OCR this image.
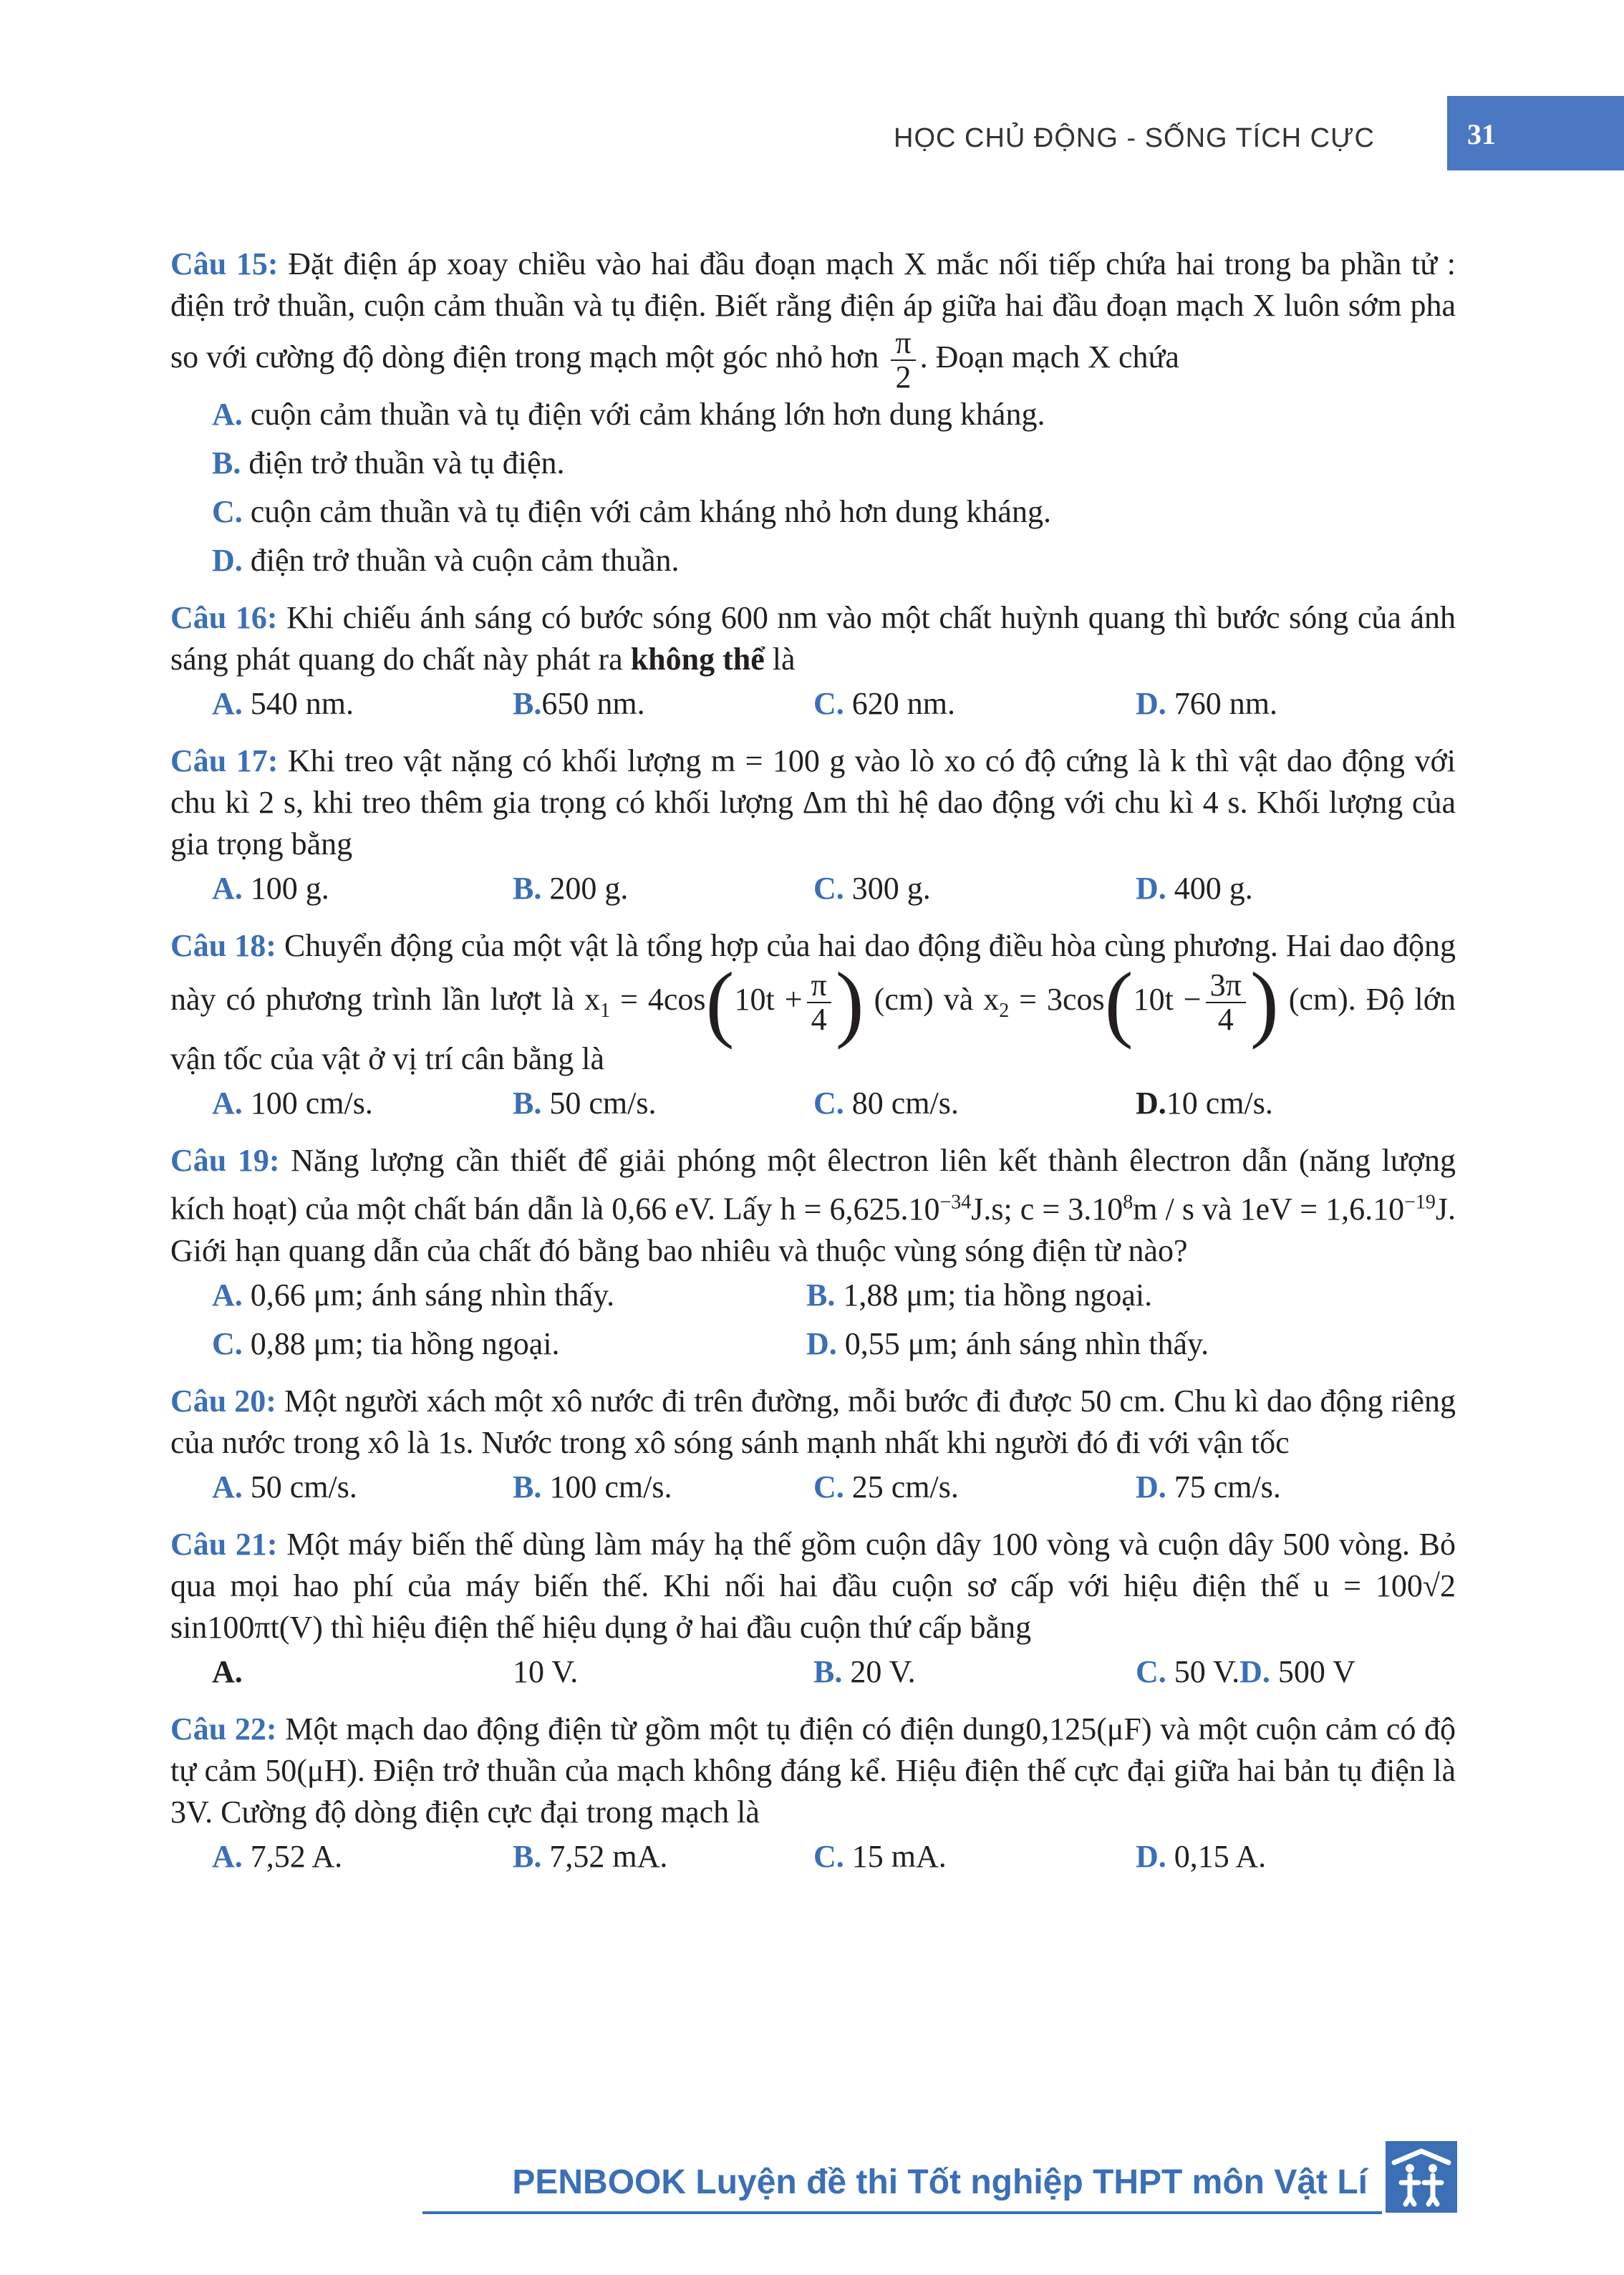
HỌC CHỦ ĐỘNG - SỐNG TÍCH CỰC	31
Câu 15: Đặt điện áp xoay chiều vào hai đầu đoạn mạch X mắc nối tiếp chứa hai trong ba phần tử : điện trở thuần, cuộn cảm thuần và tụ điện. Biết rằng điện áp giữa hai đầu đoạn mạch X luôn sớm pha so với cường độ dòng điện trong mạch một góc nhỏ hơn $\frac{\pi}{2}$ . Đoạn mạch X chứa
A. cuộn cảm thuần và tụ điện với cảm kháng lớn hơn dung kháng.
B. điện trở thuần và tụ điện.
C. cuộn cảm thuần và tụ điện với cảm kháng nhỏ hơn dung kháng.
D. điện trở thuần và cuộn cảm thuần.
Câu 16: Khi chiếu ánh sáng có bước sóng 600 nm vào một chất huỳnh quang thì bước sóng của ánh sáng phát quang do chất này phát ra không thể là
A. 540 nm.	B.650 nm.	C. 620 nm.	D. 760 nm.
Câu 17: Khi treo vật nặng có khối lượng m = 100 g vào lò xo có độ cứng là k thì vật dao động với chu kì 2 s, khi treo thêm gia trọng có khối lượng Δm thì hệ dao động với chu kì 4 s. Khối lượng của gia trọng bằng
A. 100 g.	B. 200 g.	C. 300 g.	D. 400 g.
Câu 18: Chuyển động của một vật là tổng hợp của hai dao động điều hòa cùng phương. Hai dao động này có phương trình lần lượt là $x_1 = 4\cos(10t + \frac{\pi}{4}$ ) (cm) và $x_2 = 3\cos(10t - \frac{3\pi}{4}$ ) (cm). Độ lớn vận tốc của vật ở vị trí cân bằng là
A. 100 cm/s.	B. 50 cm/s.	C. 80 cm/s.	D.10 cm/s.
Câu 19: Năng lượng cần thiết để giải phóng một êlectron liên kết thành êlectron dẫn (năng lượng kích hoạt) của một chất bán dẫn là 0,66 eV. Lấy $h = 6,625.10^{-34}J.s$; $c = 3.10^8m / s$ và $1eV = 1,6.10^{-19}J$. Giới hạn quang dẫn của chất đó bằng bao nhiêu và thuộc vùng sóng điện từ nào?
A. 0,66 μm; ánh sáng nhìn thấy.	B. 1,88 μm; tia hồng ngoại.
C. 0,88 μm; tia hồng ngoại.	D. 0,55 μm; ánh sáng nhìn thấy.
Câu 20: Một người xách một xô nước đi trên đường, mỗi bước đi được 50 cm. Chu kì dao động riêng của nước trong xô là 1s. Nước trong xô sóng sánh mạnh nhất khi người đó đi với vận tốc
A. 50 cm/s.	B. 100 cm/s.	C. 25 cm/s.	D. 75 cm/s.
Câu 21: Một máy biến thế dùng làm máy hạ thế gồm cuộn dây 100 vòng và cuộn dây 500 vòng. Bỏ qua mọi hao phí của máy biến thế. Khi nối hai đầu cuộn sơ cấp với hiệu điện thế u = 100√2 sin100πt(V) thì hiệu điện thế hiệu dụng ở hai đầu cuộn thứ cấp bằng
A.	10 V.	B. 20 V.	C. 50 V.D. 500 V
Câu 22: Một mạch dao động điện từ gồm một tụ điện có điện dung0,125(μF) và một cuộn cảm có độ tự cảm 50(μH). Điện trở thuần của mạch không đáng kể. Hiệu điện thế cực đại giữa hai bản tụ điện là 3V. Cường độ dòng điện cực đại trong mạch là
A. 7,52 A.	B. 7,52 mA.	C. 15 mA.	D. 0,15 A.
PENBOOK Luyện đề thi Tốt nghiệp THPT môn Vật Lí
